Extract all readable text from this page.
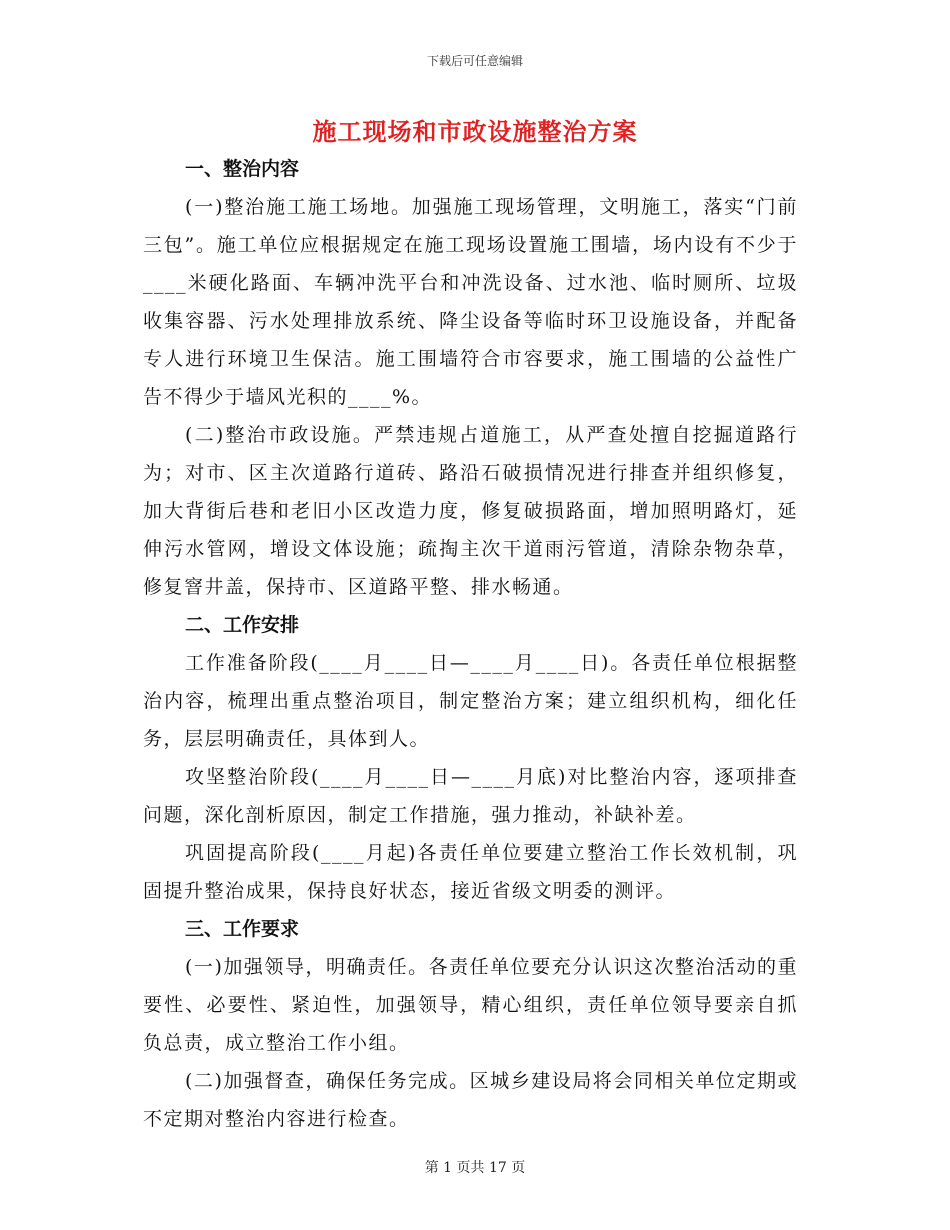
下载后可任意编辑
施工现场和市政设施整治方案

一、整治内容

(一)整治施工施工场地。加强施工现场管理，文明施工，落实“门前三包”。施工单位应根据规定在施工现场设置施工围墙，场内设有不少于____米硬化路面、车辆冲洗平台和冲洗设备、过水池、临时厕所、垃圾收集容器、污水处理排放系统、降尘设备等临时环卫设施设备，并配备专人进行环境卫生保洁。施工围墙符合市容要求，施工围墙的公益性广告不得少于墙风光积的____%。

(二)整治市政设施。严禁违规占道施工，从严查处擅自挖掘道路行为；对市、区主次道路行道砖、路沿石破损情况进行排查并组织修复，加大背街后巷和老旧小区改造力度，修复破损路面，增加照明路灯，延伸污水管网，增设文体设施；疏掏主次干道雨污管道，清除杂物杂草，修复窨井盖，保持市、区道路平整、排水畅通。

二、工作安排

工作准备阶段(____月____日—____月____日)。各责任单位根据整治内容，梳理出重点整治项目，制定整治方案；建立组织机构，细化任务，层层明确责任，具体到人。

攻坚整治阶段(____月____日—____月底)对比整治内容，逐项排查问题，深化剖析原因，制定工作措施，强力推动，补缺补差。

巩固提高阶段(____月起)各责任单位要建立整治工作长效机制，巩固提升整治成果，保持良好状态，接近省级文明委的测评。

三、工作要求

(一)加强领导，明确责任。各责任单位要充分认识这次整治活动的重要性、必要性、紧迫性，加强领导，精心组织，责任单位领导要亲自抓负总责，成立整治工作小组。

(二)加强督查，确保任务完成。区城乡建设局将会同相关单位定期或不定期对整治内容进行检查。

第 1 页共 17 页
